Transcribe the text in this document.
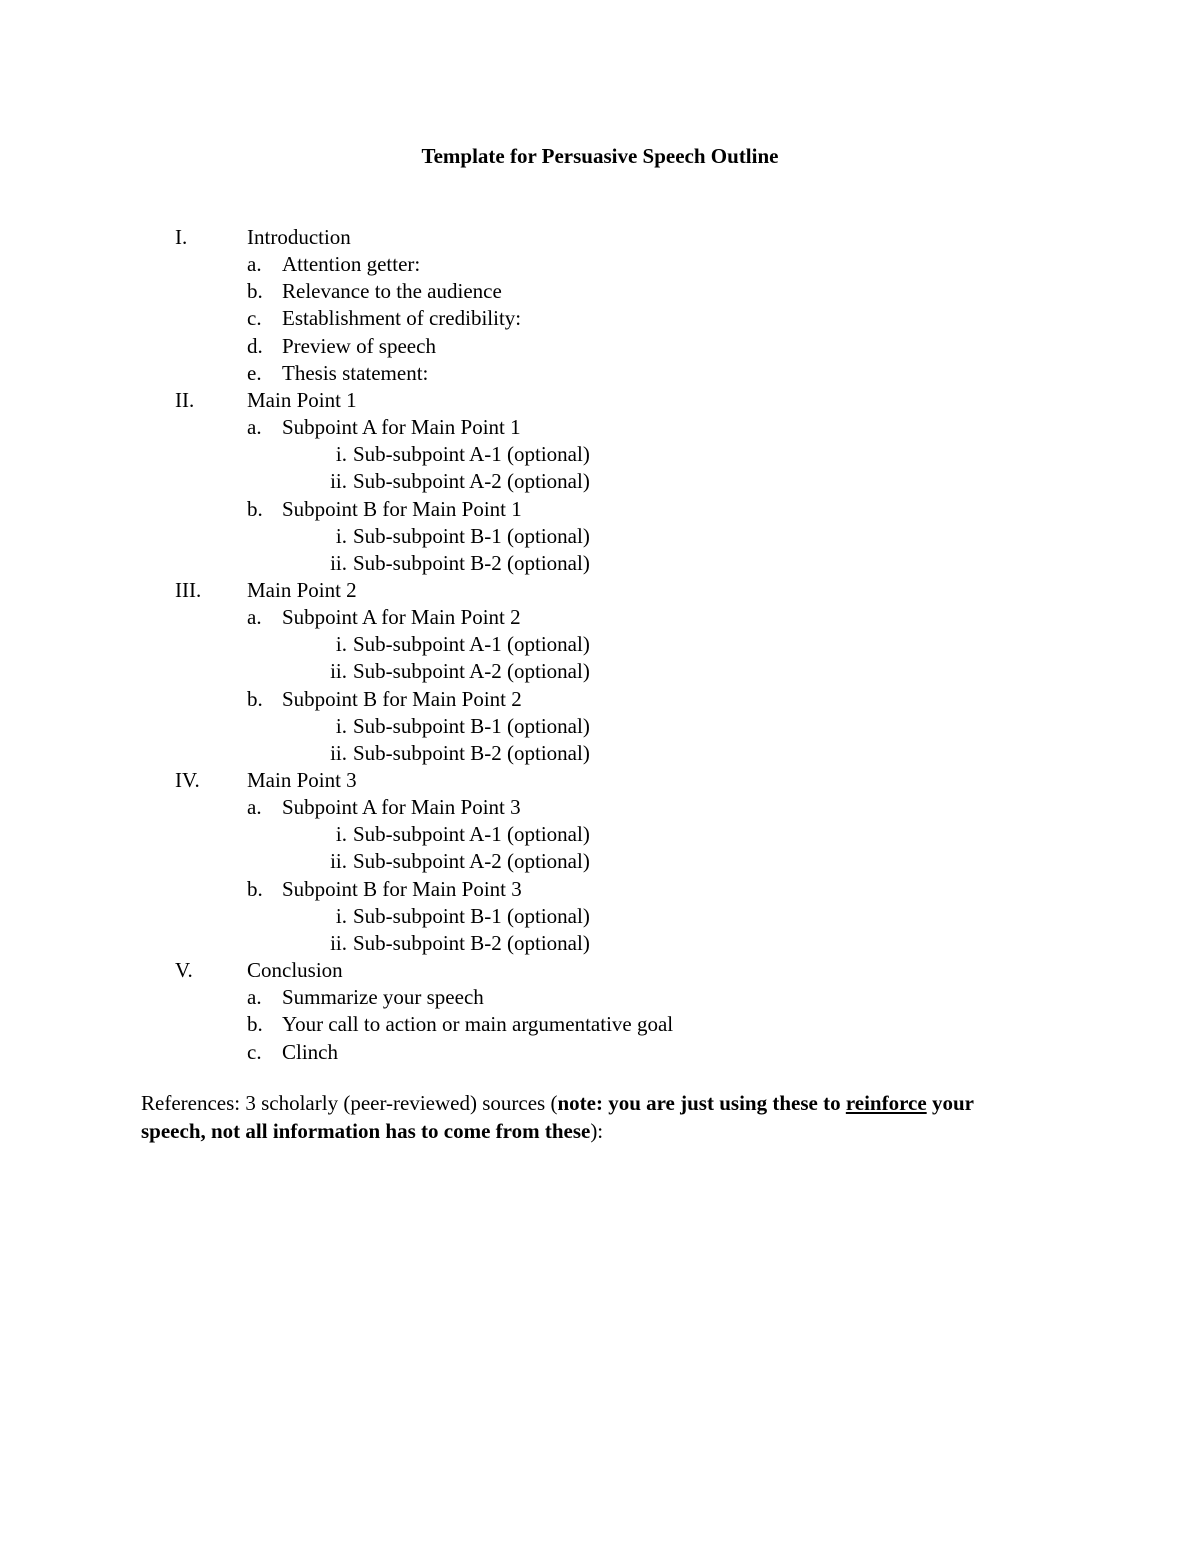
Template for Persuasive Speech Outline
I.	Introduction
a. Attention getter:
b. Relevance to the audience
c. Establishment of credibility:
d. Preview of speech
e. Thesis statement:
II.	Main Point 1
a. Subpoint A for Main Point 1
i. Sub-subpoint A-1 (optional)
ii. Sub-subpoint A-2 (optional)
b. Subpoint B for Main Point 1
i. Sub-subpoint B-1 (optional)
ii. Sub-subpoint B-2 (optional)
III. Main Point 2
a. Subpoint A for Main Point 2
i. Sub-subpoint A-1 (optional)
ii. Sub-subpoint A-2 (optional)
b. Subpoint B for Main Point 2
i. Sub-subpoint B-1 (optional)
ii. Sub-subpoint B-2 (optional)
IV. Main Point 3
a. Subpoint A for Main Point 3
i. Sub-subpoint A-1 (optional)
ii. Sub-subpoint A-2 (optional)
b. Subpoint B for Main Point 3
i. Sub-subpoint B-1 (optional)
ii. Sub-subpoint B-2 (optional)
V.	Conclusion
a. Summarize your speech
b. Your call to action or main argumentative goal
c. Clinch
References: 3 scholarly (peer-reviewed) sources (note: you are just using these to reinforce your speech, not all information has to come from these):
